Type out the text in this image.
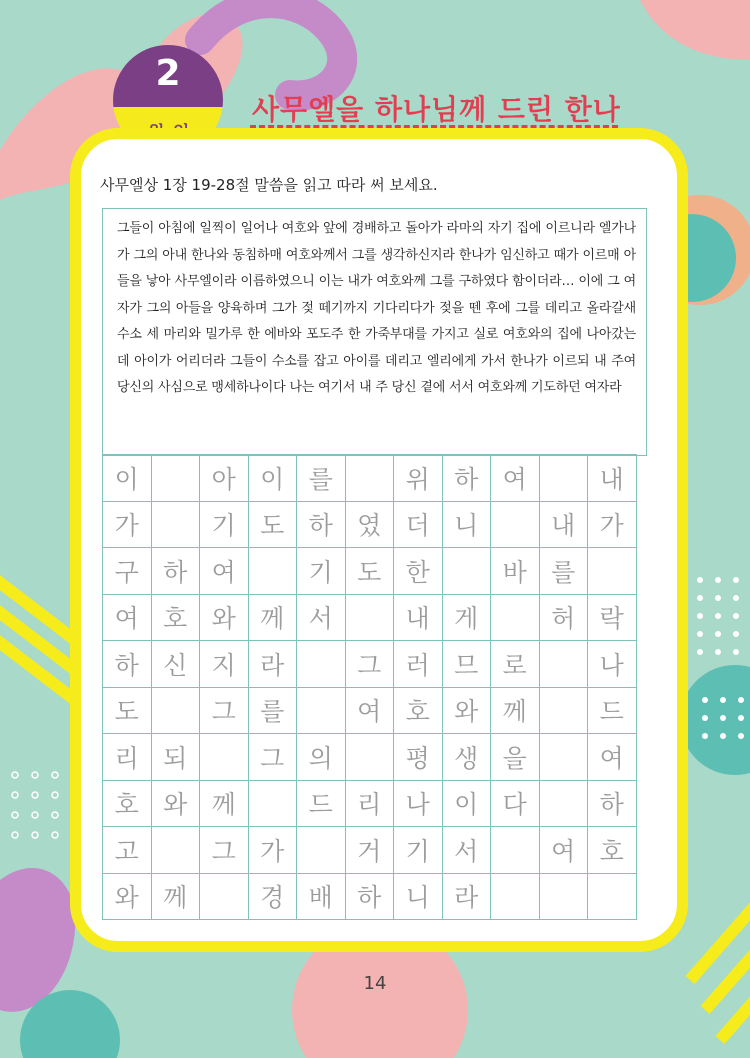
2
사무엘을 하나님께 드린 한나
사무엘상 1장 19-28절 말씀을 읽고 따라 써 보세요.
그들이 아침에 일찍이 일어나 여호와 앞에 경배하고 돌아가 라마의 자기 집에 이르니라 엘가나가 그의 아내 한나와 동침하매 여호와께서 그를 생각하신지라 한나가 임신하고 때가 이르매 아들을 낳아 사무엘이라 이름하였으니 이는 내가 여호와께 그를 구하였다 함이더라… 이에 그 여자가 그의 아들을 양육하며 그가 젖 떼기까지 기다리다가 젖을 뗀 후에 그를 데리고 올라갈새 수소 세 마리와 밀가루 한 에바와 포도주 한 가죽부대를 가지고 실로 여호와의 집에 나아갔는데 아이가 어리더라 그들이 수소를 잡고 아이를 데리고 엘리에게 가서 한나가 이르되 내 주여 당신의 사심으로 맹세하나이다 나는 여기서 내 주 당신 곁에 서서 여호와께 기도하던 여자라
이		아	이	를		위	하	여		내
가		기	도	하	였	더	니		내	가
구	하	여		기	도	한		바	를	
여	호	와	께	서		내	게		허	락
하	신	지	라		그	러	므	로		나
도		그	를		여	호	와	께		드
리	되		그	의		평	생	을		여
호	와	께		드	리	나	이	다		하
고		그	가		거	기	서		여	호
와	께		경	배	하	니	라			
14
